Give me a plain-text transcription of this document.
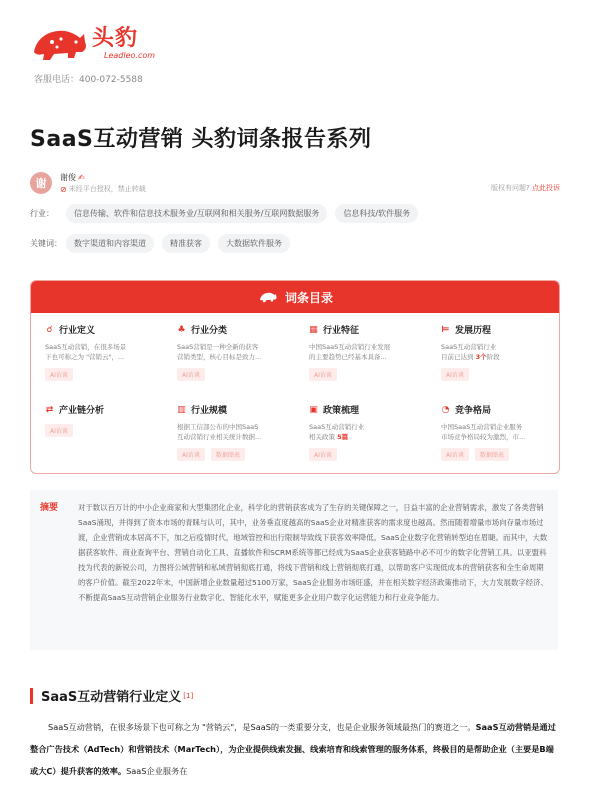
头豹
Leadleo.com
客服电话：400-072-5588
SaaS互动营销 头豹词条报告系列
谢	谢俊 ✍
⊘ 未经平台授权，禁止转载	版权有问题? 点此投诉
行业：	信息传输、软件和信息技术服务业/互联网和相关服务/互联网数据服务	信息科技/软件服务
关键词：	数字渠道和内容渠道	精准获客	大数据软件服务
词条目录
☌ 行业定义
SaaS互动营销，在很多场景
下也可称之为 "营销云"，...
AI访谈
♣ 行业分类
SaaS营销是一种全新的获客
营销类型，核心目标是致力...
AI访谈
▦ 行业特征
中国SaaS互动营销行业发展
的主要趋势已经基本具备...
AI访谈
⊨ 发展历程
SaaS互动营销行业
目前已达到 3个阶段
AI访谈
⇄ 产业链分析
AI访谈
▥ 行业规模
根据工信部公布的中国SaaS
互动营销行业相关统计数据...
AI访谈	数据图表
▣ 政策梳理
SaaS互动营销行业
相关政策 5篇
AI访谈
◔ 竞争格局
中国SaaS互动营销企业服务
市场竞争格局较为激烈，市...
AI访谈	数据图表
摘要	对于数以百万计的中小企业商家和大型集团化企业，科学化的营销获客成为了生存的关键保障之一，日益丰富的企业营销需求，激发了各类营销SaaS涌现，并得到了资本市场的青睐与认可，其中，业务垂直度越高的SaaS企业对精准获客的需求度也越高。然而随着增量市场向存量市场过渡，企业营销成本居高不下，加之后疫情时代，地域管控和出行限制导致线下获客效率降低。SaaS企业数字化营销转型迫在眉睫。而其中，大数据获客软件、商业查询平台、营销自动化工具、直播软件和SCRM系统等都已经成为SaaS企业获客链路中必不可少的数字化营销工具。以亚盟科技为代表的新锐公司，力图将公域营销和私域营销彻底打通，将线下营销和线上营销彻底打通，以帮助客户实现低成本的营销获客和全生命周期的客户价值。截至2022年末，中国新增企业数量超过5100万家，SaaS企业服务市场旺盛，并在相关数字经济政策推动下，大力发展数字经济、不断提高SaaS互动营销企业服务行业数字化、智能化水平，赋能更多企业用户数字化运营能力和行业竞争能力。
SaaS互动营销行业定义 [1]
SaaS互动营销，在很多场景下也可称之为 "营销云"，是SaaS的一类重要分支，也是企业服务领域最热门的赛道之一。SaaS互动营销是通过整合广告技术（AdTech）和营销技术（MarTech），为企业提供线索发掘、线索培育和线索管理的服务体系，终极目的是帮助企业（主要是B端或大C）提升获客的效率。SaaS企业服务在
